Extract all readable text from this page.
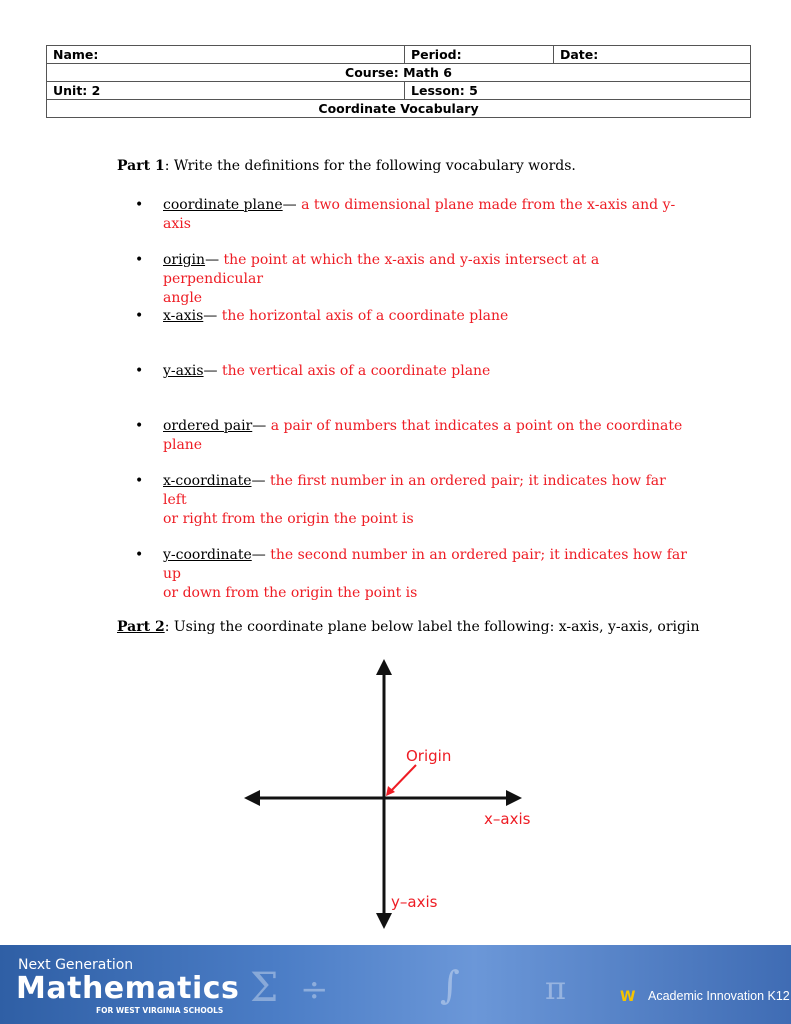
Name:	Period:	Date:
Course: Math 6		
Unit: 2	Lesson: 5	
Coordinate Vocabulary		
Part 1: Write the definitions for the following vocabulary words.
• coordinate plane— a two dimensional plane made from the x-axis and y-axis
• origin— the point at which the x-axis and y-axis intersect at a perpendicular
angle
• x-axis— the horizontal axis of a coordinate plane
• y-axis— the vertical axis of a coordinate plane
• ordered pair— a pair of numbers that indicates a point on the coordinate
plane
• x-coordinate— the first number in an ordered pair; it indicates how far left
or right from the origin the point is
• y-coordinate— the second number in an ordered pair; it indicates how far up
or down from the origin the point is
Part 2: Using the coordinate plane below label the following: x-axis, y-axis, origin
Origin
x–axis
y–axis
Σ ÷	∫	π
Next Generation
Mathematics
FOR WEST VIRGINIA SCHOOLS
W Academic Innovation K12
